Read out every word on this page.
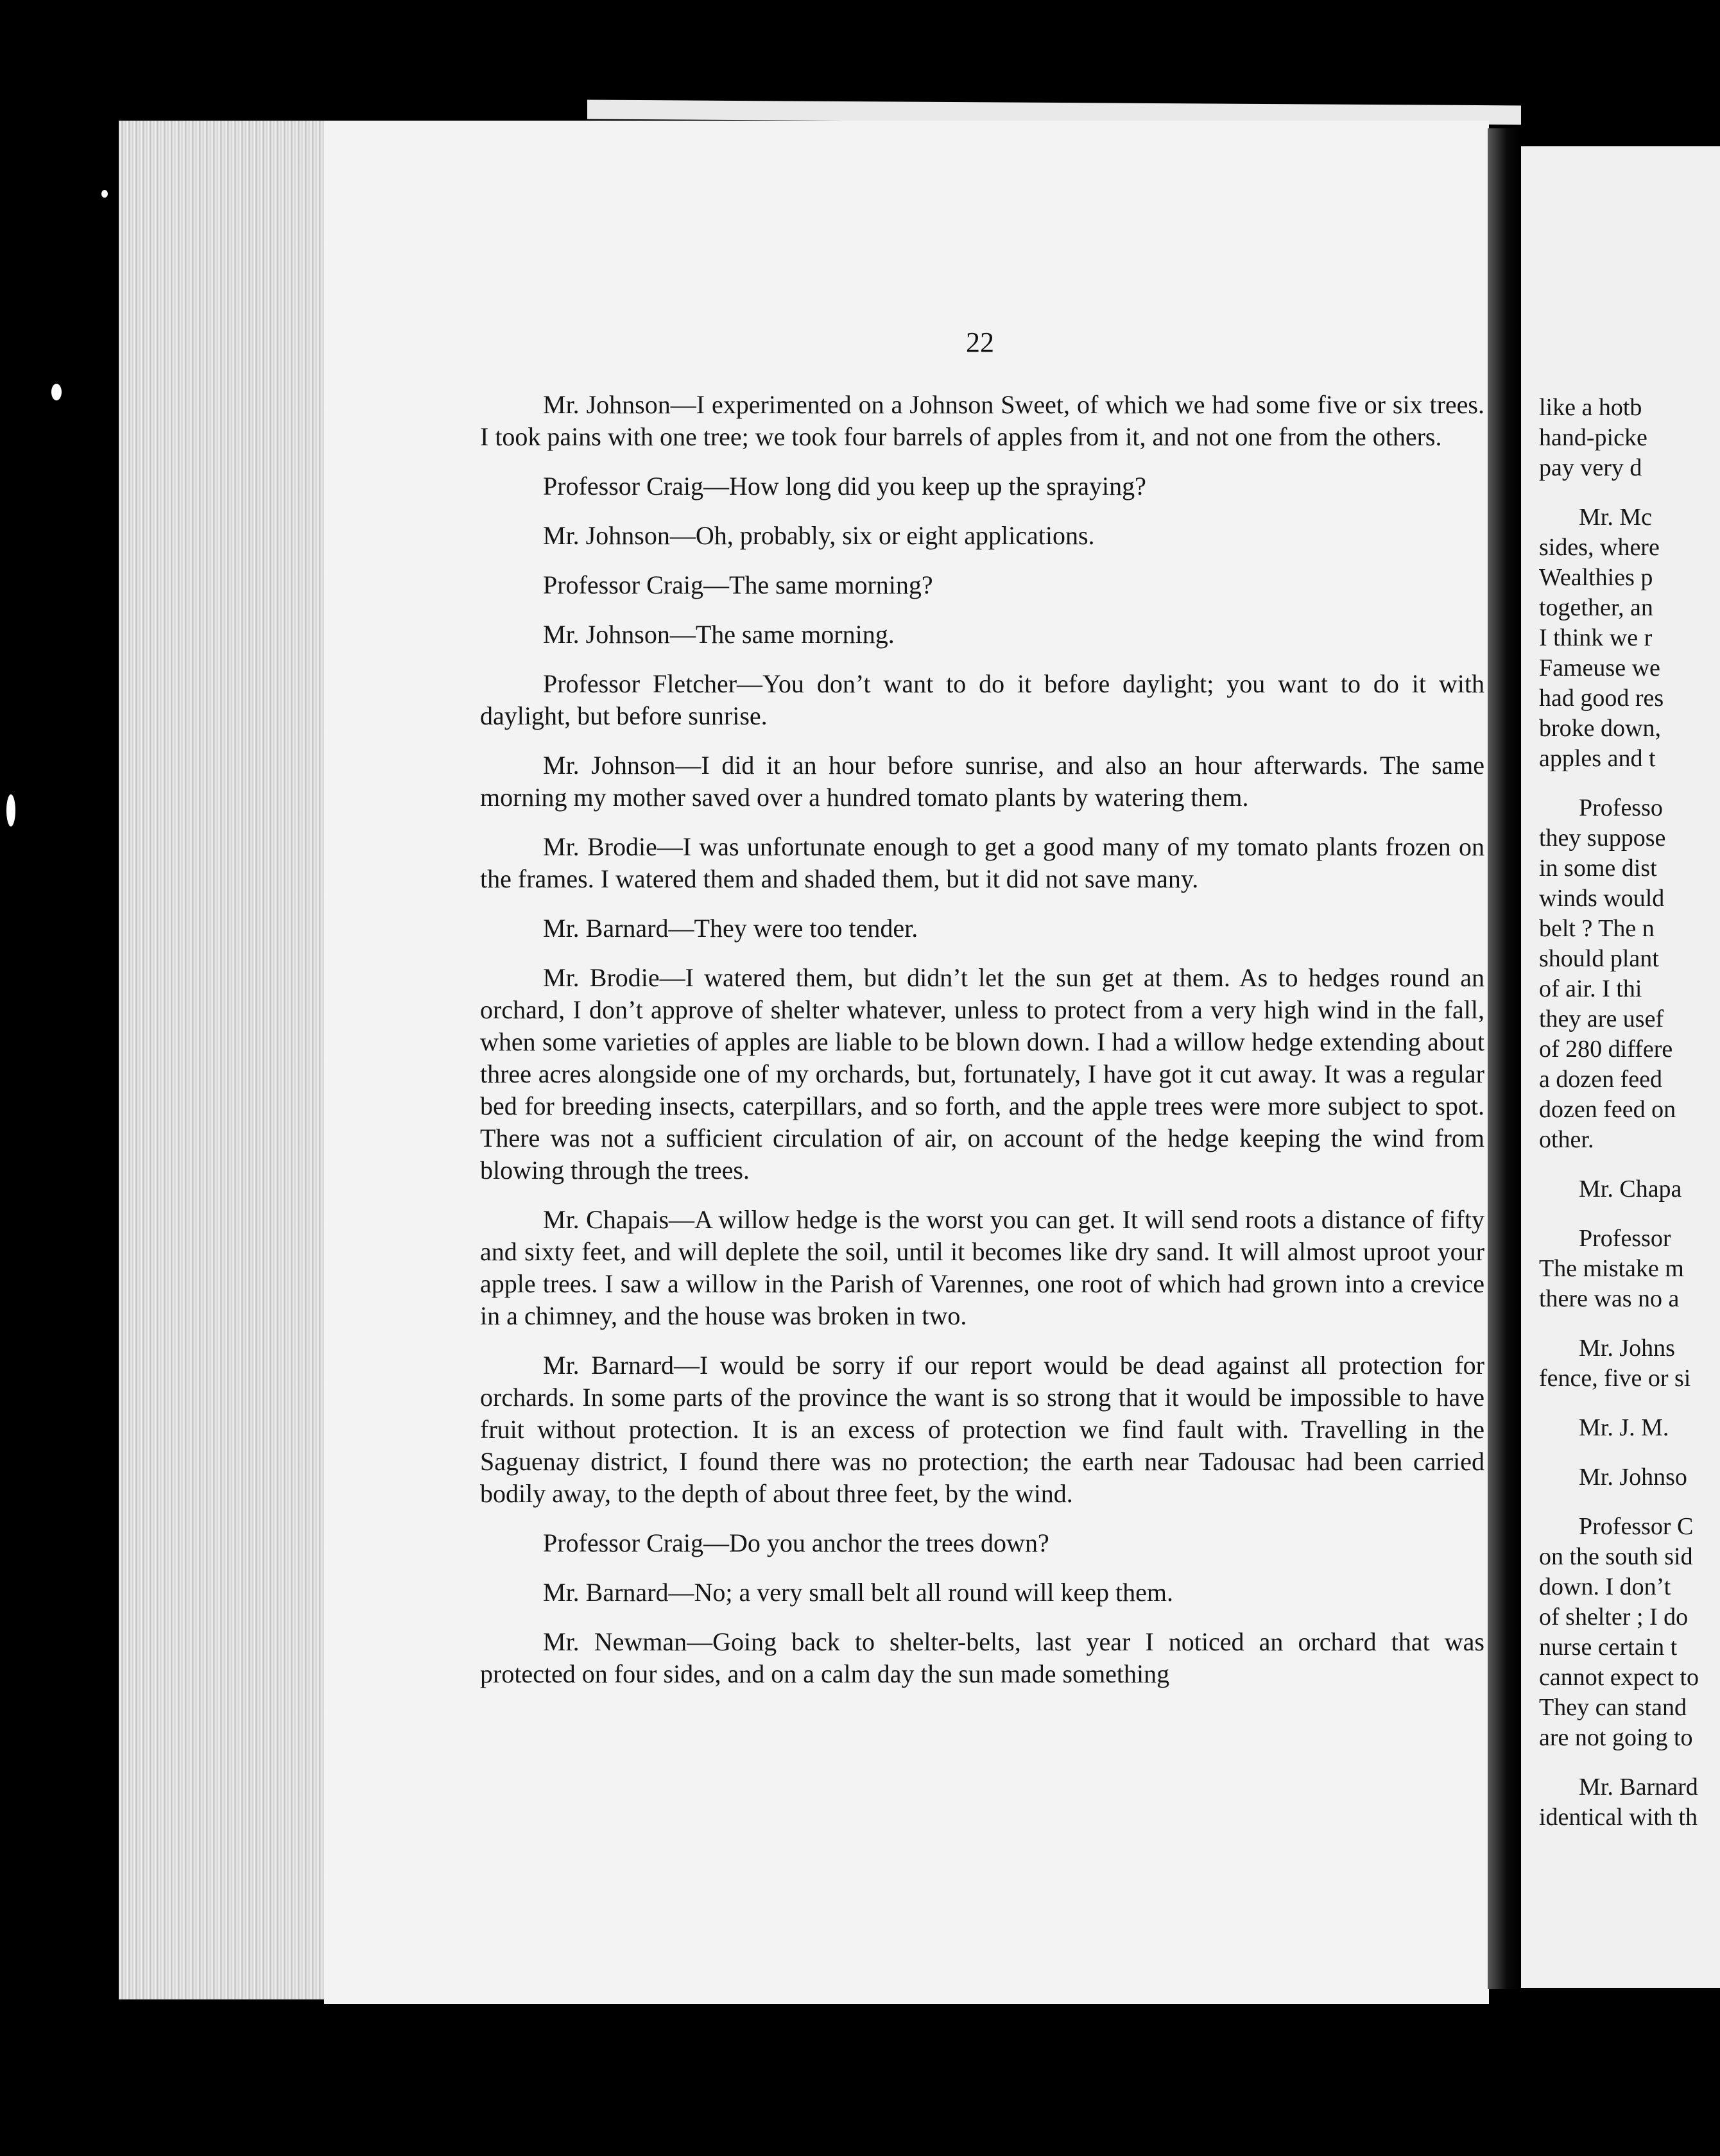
22

Mr. Johnson—I experimented on a Johnson Sweet, of which we had some five or six trees. I took pains with one tree; we took four barrels of apples from it, and not one from the others.

Professor Craig—How long did you keep up the spraying?

Mr. Johnson—Oh, probably, six or eight applications.

Professor Craig—The same morning?

Mr. Johnson—The same morning.

Professor Fletcher—You don’t want to do it before daylight; you want to do it with daylight, but before sunrise.

Mr. Johnson—I did it an hour before sunrise, and also an hour afterwards. The same morning my mother saved over a hundred tomato plants by watering them.

Mr. Brodie—I was unfortunate enough to get a good many of my tomato plants frozen on the frames. I watered them and shaded them, but it did not save many.

Mr. Barnard—They were too tender.

Mr. Brodie—I watered them, but didn’t let the sun get at them. As to hedges round an orchard, I don’t approve of shelter whatever, unless to protect from a very high wind in the fall, when some varieties of apples are liable to be blown down. I had a willow hedge extending about three acres alongside one of my orchards, but, fortunately, I have got it cut away. It was a regular bed for breeding insects, caterpillars, and so forth, and the apple trees were more subject to spot. There was not a sufficient circulation of air, on account of the hedge keeping the wind from blowing through the trees.

Mr. Chapais—A willow hedge is the worst you can get. It will send roots a distance of fifty and sixty feet, and will deplete the soil, until it becomes like dry sand. It will almost uproot your apple trees. I saw a willow in the Parish of Varennes, one root of which had grown into a crevice in a chimney, and the house was broken in two.

Mr. Barnard—I would be sorry if our report would be dead against all protection for orchards. In some parts of the province the want is so strong that it would be impossible to have fruit without protection. It is an excess of protection we find fault with. Travelling in the Saguenay district, I found there was no protection; the earth near Tadousac had been carried bodily away, to the depth of about three feet, by the wind.

Professor Craig—Do you anchor the trees down?

Mr. Barnard—No; a very small belt all round will keep them.

Mr. Newman—Going back to shelter-belts, last year I noticed an orchard that was protected on four sides, and on a calm day the sun made something

like a hotb
hand-picke
pay very d
Mr. Mc
sides, where
Wealthies p
together, an
I think we r
Fameuse we
had good res
broke down,
apples and t
Professo
they suppose
in some dist
winds would
belt ? The n
should plant
of air. I thi
they are usef
of 280 differe
a dozen feed
dozen feed on
other.
Mr. Chapa
Professor
The mistake m
there was no a
Mr. Johns
fence, five or si
Mr. J. M.
Mr. Johnso
Professor C
on the south sid
down. I don’t
of shelter ; I do
nurse certain t
cannot expect to
They can stand
are not going to
Mr. Barnard
identical with th
